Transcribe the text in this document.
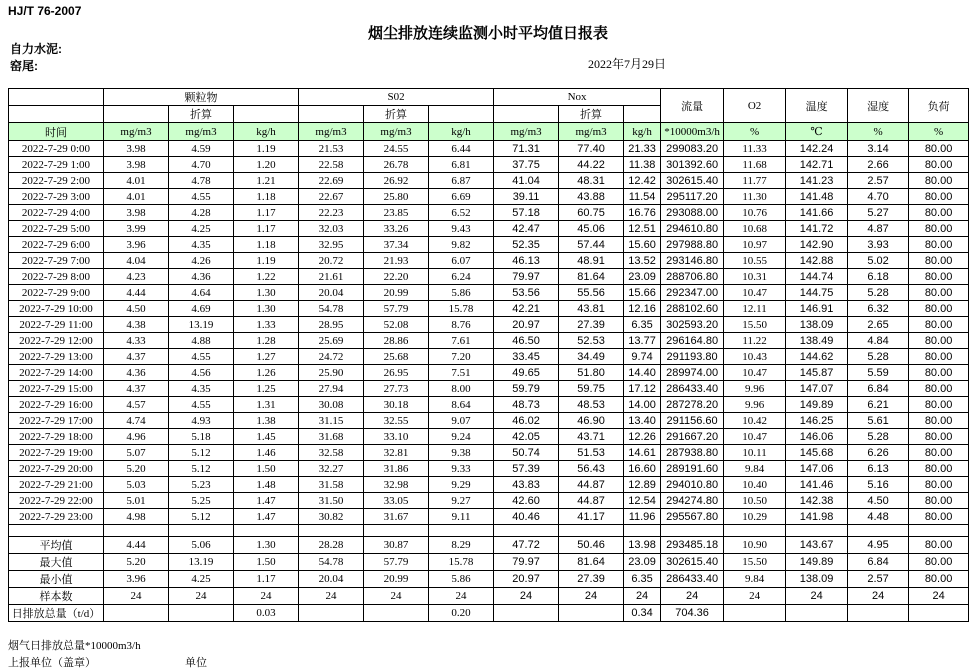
HJ/T 76-2007
烟尘排放连续监测小时平均值日报表
自力水泥:
窑尾:	2022年7月29日
	颗粒物			S02			Nox			流量	O2	温度	湿度	负荷
		折算			折算			折算						
时间	mg/m3	mg/m3	kg/h	mg/m3	mg/m3	kg/h	mg/m3	mg/m3	kg/h	*10000m3/h	%	℃	%	%
2022-7-29 0:00	3.98	4.59	1.19	21.53	24.55	6.44	71.31	77.40	21.33	299083.20	11.33	142.24	3.14	80.00
2022-7-29 1:00	3.98	4.70	1.20	22.58	26.78	6.81	37.75	44.22	11.38	301392.60	11.68	142.71	2.66	80.00
2022-7-29 2:00	4.01	4.78	1.21	22.69	26.92	6.87	41.04	48.31	12.42	302615.40	11.77	141.23	2.57	80.00
2022-7-29 3:00	4.01	4.55	1.18	22.67	25.80	6.69	39.11	43.88	11.54	295117.20	11.30	141.48	4.70	80.00
2022-7-29 4:00	3.98	4.28	1.17	22.23	23.85	6.52	57.18	60.75	16.76	293088.00	10.76	141.66	5.27	80.00
2022-7-29 5:00	3.99	4.25	1.17	32.03	33.26	9.43	42.47	45.06	12.51	294610.80	10.68	141.72	4.87	80.00
2022-7-29 6:00	3.96	4.35	1.18	32.95	37.34	9.82	52.35	57.44	15.60	297988.80	10.97	142.90	3.93	80.00
2022-7-29 7:00	4.04	4.26	1.19	20.72	21.93	6.07	46.13	48.91	13.52	293146.80	10.55	142.88	5.02	80.00
2022-7-29 8:00	4.23	4.36	1.22	21.61	22.20	6.24	79.97	81.64	23.09	288706.80	10.31	144.74	6.18	80.00
2022-7-29 9:00	4.44	4.64	1.30	20.04	20.99	5.86	53.56	55.56	15.66	292347.00	10.47	144.75	5.28	80.00
2022-7-29 10:00	4.50	4.69	1.30	54.78	57.79	15.78	42.21	43.81	12.16	288102.60	12.11	146.91	6.32	80.00
2022-7-29 11:00	4.38	13.19	1.33	28.95	52.08	8.76	20.97	27.39	6.35	302593.20	15.50	138.09	2.65	80.00
2022-7-29 12:00	4.33	4.88	1.28	25.69	28.86	7.61	46.50	52.53	13.77	296164.80	11.22	138.49	4.84	80.00
2022-7-29 13:00	4.37	4.55	1.27	24.72	25.68	7.20	33.45	34.49	9.74	291193.80	10.43	144.62	5.28	80.00
2022-7-29 14:00	4.36	4.56	1.26	25.90	26.95	7.51	49.65	51.80	14.40	289974.00	10.47	145.87	5.59	80.00
2022-7-29 15:00	4.37	4.35	1.25	27.94	27.73	8.00	59.79	59.75	17.12	286433.40	9.96	147.07	6.84	80.00
2022-7-29 16:00	4.57	4.55	1.31	30.08	30.18	8.64	48.73	48.53	14.00	287278.20	9.96	149.89	6.21	80.00
2022-7-29 17:00	4.74	4.93	1.38	31.15	32.55	9.07	46.02	46.90	13.40	291156.60	10.42	146.25	5.61	80.00
2022-7-29 18:00	4.96	5.18	1.45	31.68	33.10	9.24	42.05	43.71	12.26	291667.20	10.47	146.06	5.28	80.00
2022-7-29 19:00	5.07	5.12	1.46	32.58	32.81	9.38	50.74	51.53	14.61	287938.80	10.11	145.68	6.26	80.00
2022-7-29 20:00	5.20	5.12	1.50	32.27	31.86	9.33	57.39	56.43	16.60	289191.60	9.84	147.06	6.13	80.00
2022-7-29 21:00	5.03	5.23	1.48	31.58	32.98	9.29	43.83	44.87	12.89	294010.80	10.40	141.46	5.16	80.00
2022-7-29 22:00	5.01	5.25	1.47	31.50	33.05	9.27	42.60	44.87	12.54	294274.80	10.50	142.38	4.50	80.00
2022-7-29 23:00	4.98	5.12	1.47	30.82	31.67	9.11	40.46	41.17	11.96	295567.80	10.29	141.98	4.48	80.00

平均值	4.44	5.06	1.30	28.28	30.87	8.29	47.72	50.46	13.98	293485.18	10.90	143.67	4.95	80.00
最大值	5.20	13.19	1.50	54.78	57.79	15.78	79.97	81.64	23.09	302615.40	15.50	149.89	6.84	80.00
最小值	3.96	4.25	1.17	20.04	20.99	5.86	20.97	27.39	6.35	286433.40	9.84	138.09	2.57	80.00
样本数	24	24	24	24	24	24	24	24	24	24	24	24	24	24
日排放总量（t/d）			0.03			0.20			0.34	704.36				
烟气日排放总量*10000m3/h
上报单位（盖章）	单位
